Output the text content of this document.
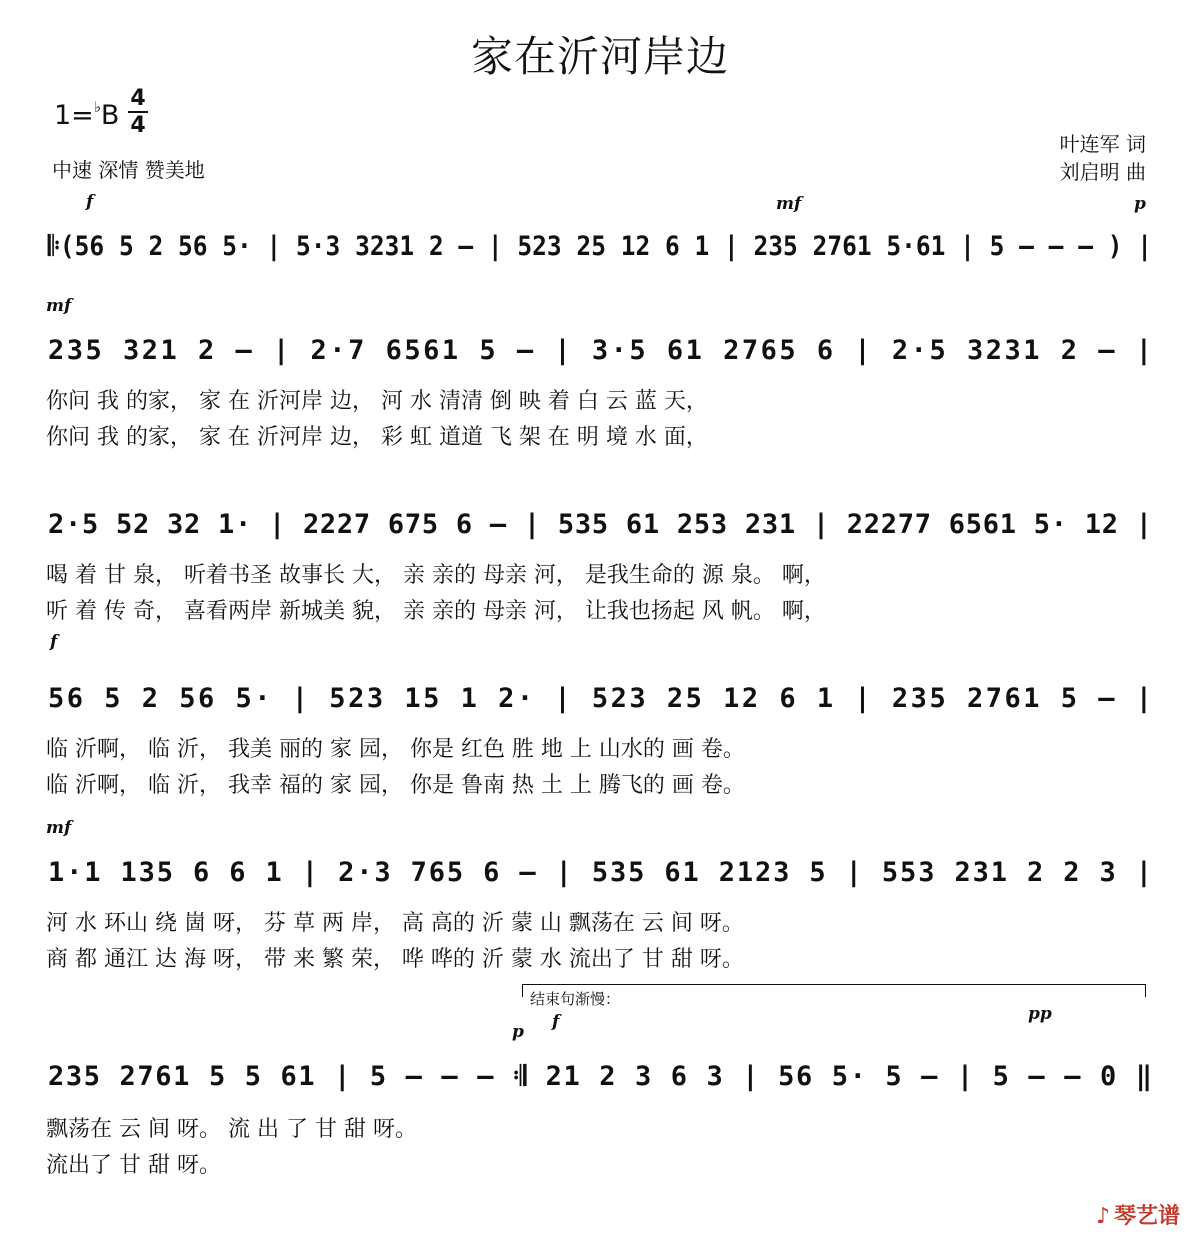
家在沂河岸边
1=♭B
4
4
中速 深情 赞美地
叶连军 词
刘启明 曲
f	mf	p
𝄆(56 5 2 56 5· | 5·3 3231 2 – | 523 25 12 6 1 | 235 2761 5·61 | 5 – – – ) |
mf
235 321 2 – | 2·7 6561 5 – | 3·5 61 2765 6 | 2·5 3231 2 – |
你问 我 的家， 家 在 沂河岸 边， 河 水 清清 倒 映 着 白 云 蓝 天，
你问 我 的家， 家 在 沂河岸 边， 彩 虹 道道 飞 架 在 明 境 水 面，
2·5 52 32 1· | 2227 675 6 – | 535 61 253 231 | 22277 6561 5· 12 |
喝 着 甘 泉， 听着书圣 故事长 大， 亲 亲的 母亲 河， 是我生命的 源 泉。 啊，
听 着 传 奇， 喜看两岸 新城美 貌， 亲 亲的 母亲 河， 让我也扬起 风 帆。 啊，
f
56 5 2 56 5· | 523 15 1 2· | 523 25 12 6 1 | 235 2761 5 – |
临 沂啊， 临 沂， 我美 丽的 家 园， 你是 红色 胜 地 上 山水的 画 卷。
临 沂啊， 临 沂， 我幸 福的 家 园， 你是 鲁南 热 土 上 腾飞的 画 卷。
mf
1·1 135 6 6 1 | 2·3 765 6 – | 535 61 2123 5 | 553 231 2 2 3 |
河 水 环山 绕 崮 呀， 芬 草 两 岸， 高 高的 沂 蒙 山 飘荡在 云 间 呀。
商 都 通江 达 海 呀， 带 来 繁 荣， 哗 哗的 沂 蒙 水 流出了 甘 甜 呀。
结束句渐慢：
p f	pp
235 2761 5 5 61 | 5 – – – 𝄇 21 2 3 6 3 | 56 5· 5 – | 5 – – 0 ‖
飘荡在 云 间 呀。 流 出 了 甘 甜 呀。
流出了 甘 甜 呀。
♪ 琴艺谱
